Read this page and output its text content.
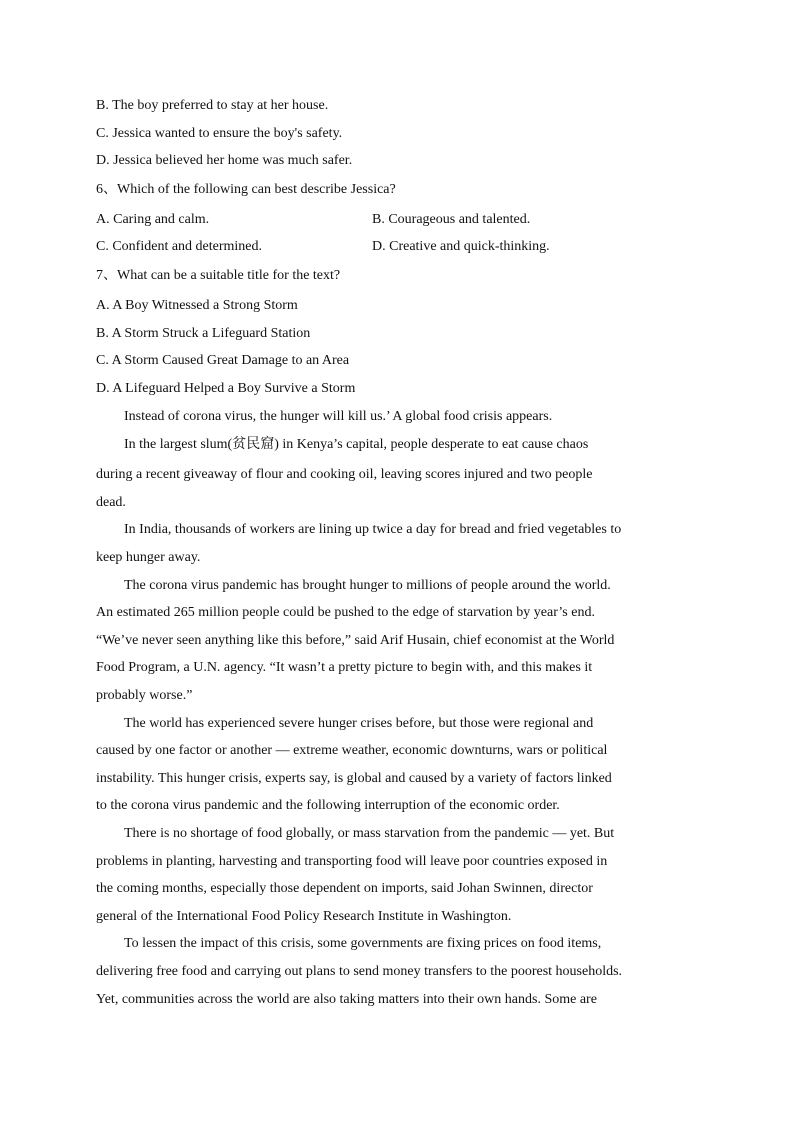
B. The boy preferred to stay at her house.
C. Jessica wanted to ensure the boy's safety.
D. Jessica believed her home was much safer.
6、Which of the following can best describe Jessica?
A. Caring and calm.	B. Courageous and talented.
C. Confident and determined.	D. Creative and quick-thinking.
7、What can be a suitable title for the text?
A. A Boy Witnessed a Strong Storm
B. A Storm Struck a Lifeguard Station
C. A Storm Caused Great Damage to an Area
D. A Lifeguard Helped a Boy Survive a Storm
Instead of corona virus, the hunger will kill us.’ A global food crisis appears.
In the largest slum(贫民窟) in Kenya’s capital, people desperate to eat cause chaos
during a recent giveaway of flour and cooking oil, leaving scores injured and two people
dead.
In India, thousands of workers are lining up twice a day for bread and fried vegetables to
keep hunger away.
The corona virus pandemic has brought hunger to millions of people around the world.
An estimated 265 million people could be pushed to the edge of starvation by year’s end.
“We’ve never seen anything like this before,” said Arif Husain, chief economist at the World
Food Program, a U.N. agency. “It wasn’t a pretty picture to begin with, and this makes it
probably worse.”
The world has experienced severe hunger crises before, but those were regional and
caused by one factor or another — extreme weather, economic downturns, wars or political
instability. This hunger crisis, experts say, is global and caused by a variety of factors linked
to the corona virus pandemic and the following interruption of the economic order.
There is no shortage of food globally, or mass starvation from the pandemic — yet. But
problems in planting, harvesting and transporting food will leave poor countries exposed in
the coming months, especially those dependent on imports, said Johan Swinnen, director
general of the International Food Policy Research Institute in Washington.
To lessen the impact of this crisis, some governments are fixing prices on food items,
delivering free food and carrying out plans to send money transfers to the poorest households.
Yet, communities across the world are also taking matters into their own hands. Some are
